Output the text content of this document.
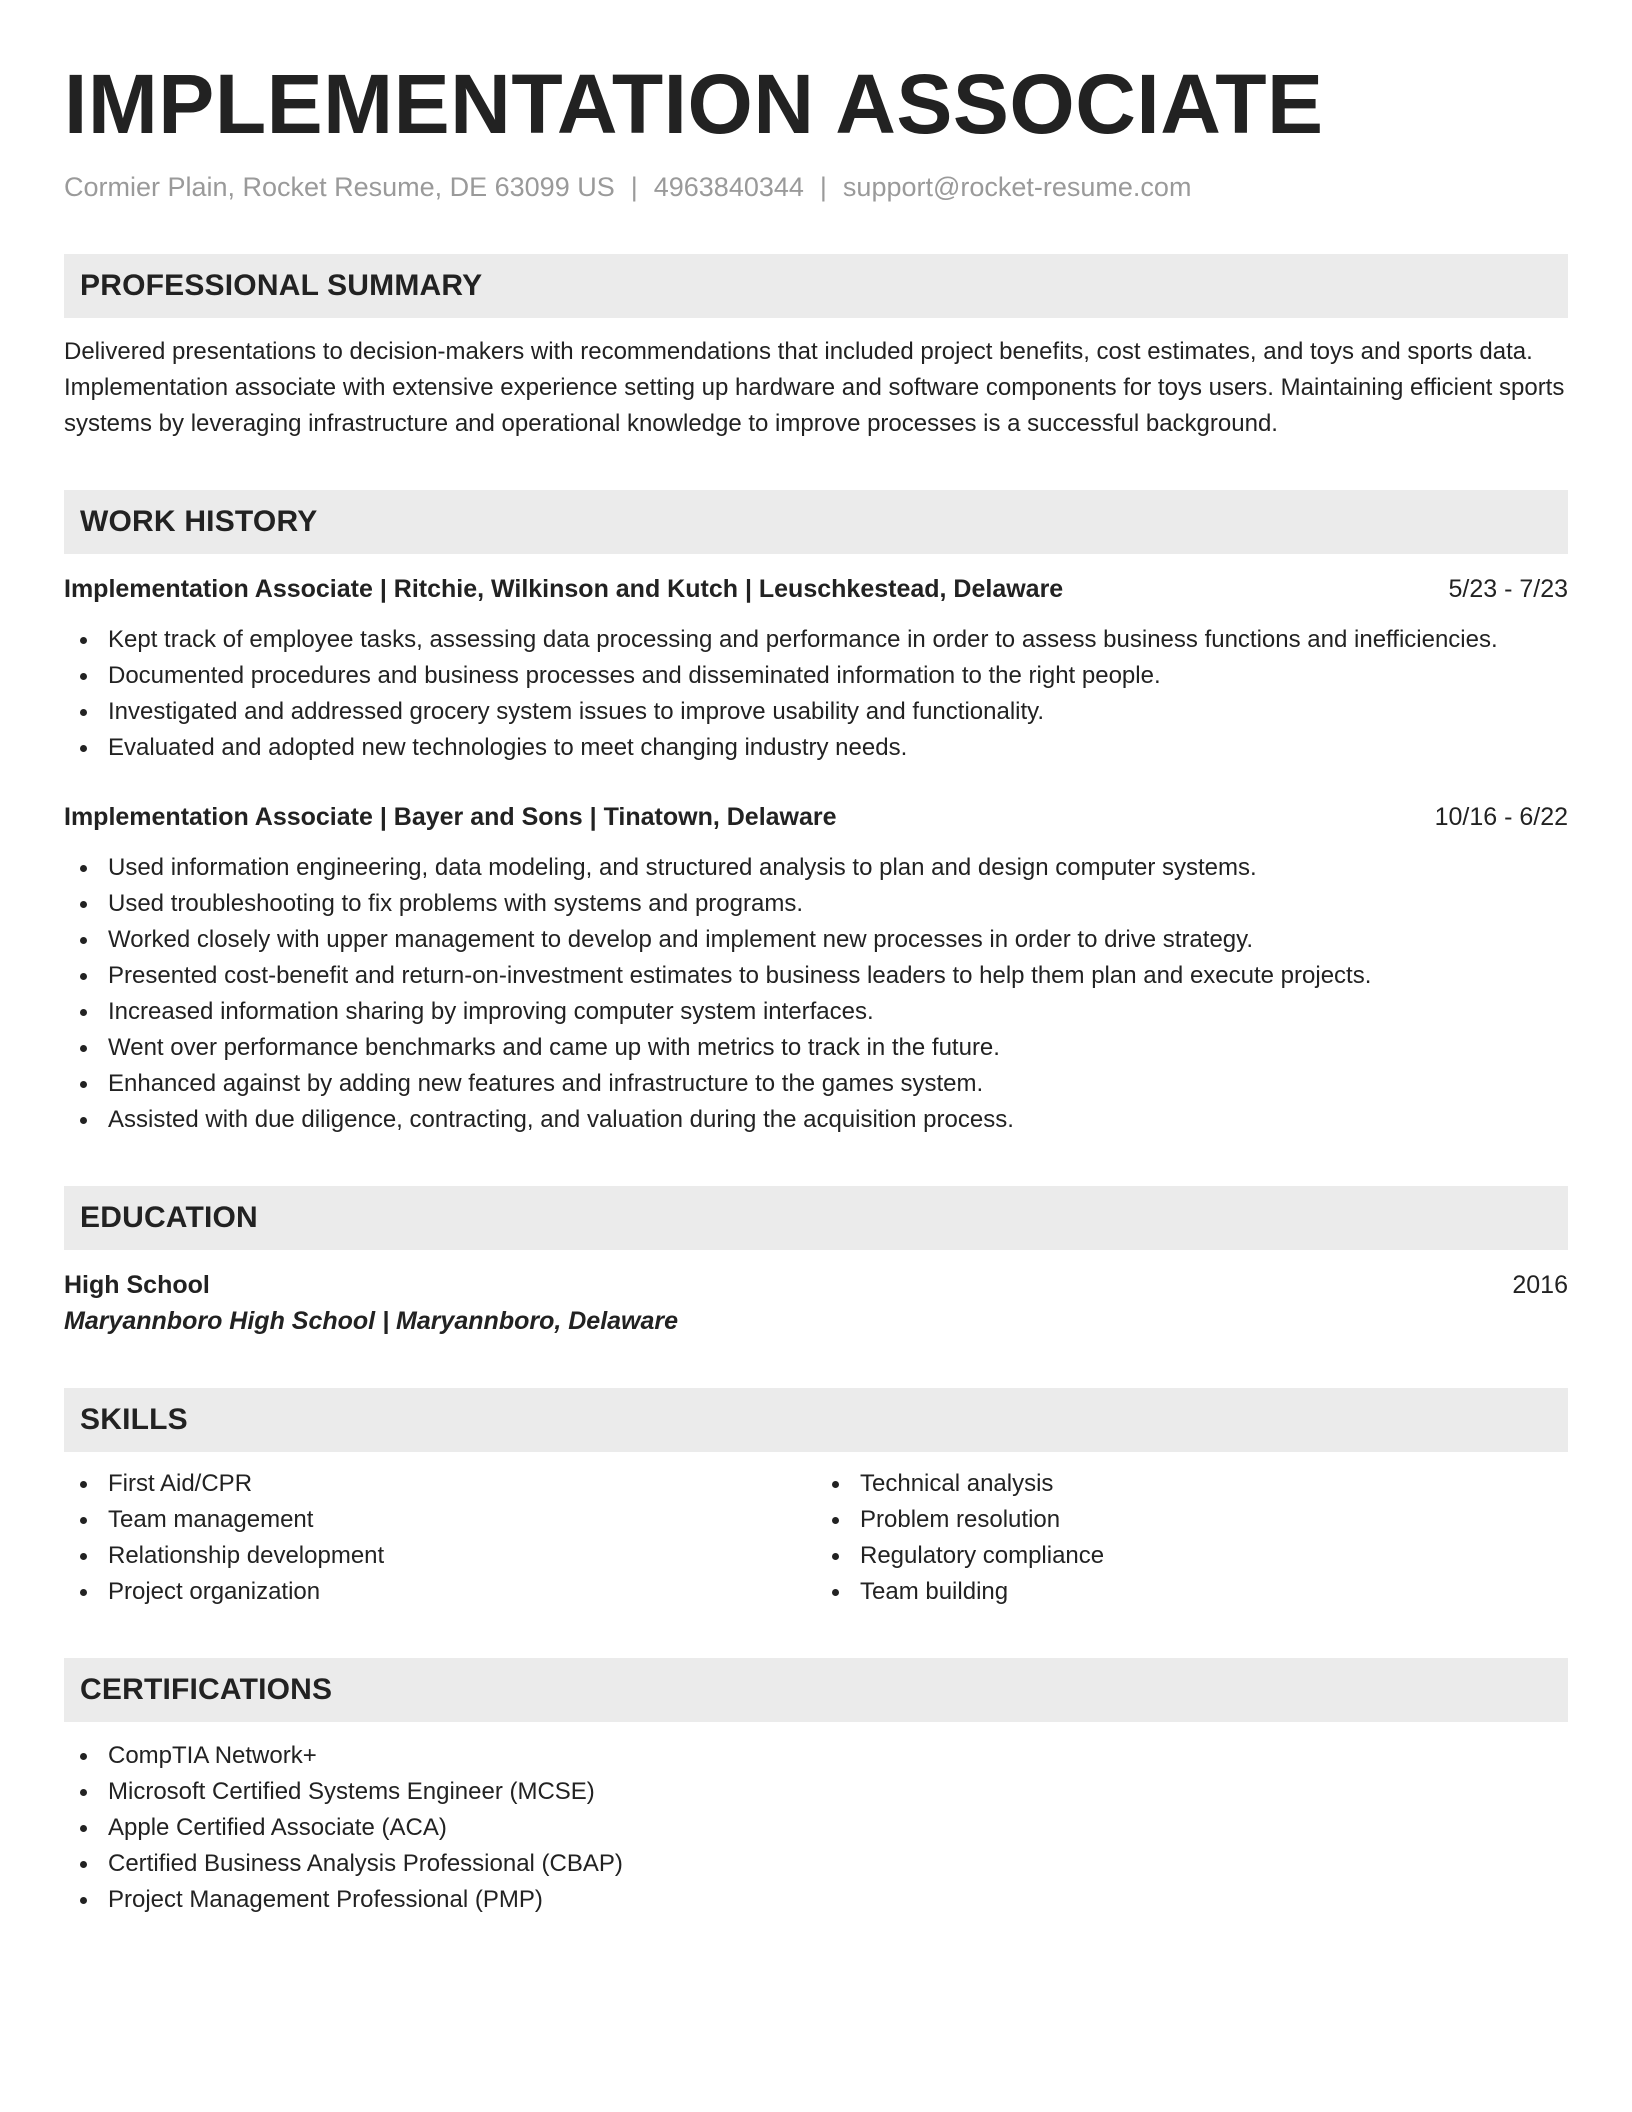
IMPLEMENTATION ASSOCIATE
Cormier Plain, Rocket Resume, DE 63099 US | 4963840344 | support@rocket-resume.com
PROFESSIONAL SUMMARY
Delivered presentations to decision-makers with recommendations that included project benefits, cost estimates, and toys and sports data. Implementation associate with extensive experience setting up hardware and software components for toys users. Maintaining efficient sports systems by leveraging infrastructure and operational knowledge to improve processes is a successful background.
WORK HISTORY
Implementation Associate | Ritchie, Wilkinson and Kutch | Leuschkestead, Delaware	5/23 - 7/23
Kept track of employee tasks, assessing data processing and performance in order to assess business functions and inefficiencies.
Documented procedures and business processes and disseminated information to the right people.
Investigated and addressed grocery system issues to improve usability and functionality.
Evaluated and adopted new technologies to meet changing industry needs.
Implementation Associate | Bayer and Sons | Tinatown, Delaware	10/16 - 6/22
Used information engineering, data modeling, and structured analysis to plan and design computer systems.
Used troubleshooting to fix problems with systems and programs.
Worked closely with upper management to develop and implement new processes in order to drive strategy.
Presented cost-benefit and return-on-investment estimates to business leaders to help them plan and execute projects.
Increased information sharing by improving computer system interfaces.
Went over performance benchmarks and came up with metrics to track in the future.
Enhanced against by adding new features and infrastructure to the games system.
Assisted with due diligence, contracting, and valuation during the acquisition process.
EDUCATION
High School	2016
Maryannboro High School | Maryannboro, Delaware
SKILLS
First Aid/CPR
Team management
Relationship development
Project organization
Technical analysis
Problem resolution
Regulatory compliance
Team building
CERTIFICATIONS
CompTIA Network+
Microsoft Certified Systems Engineer (MCSE)
Apple Certified Associate (ACA)
Certified Business Analysis Professional (CBAP)
Project Management Professional (PMP)
